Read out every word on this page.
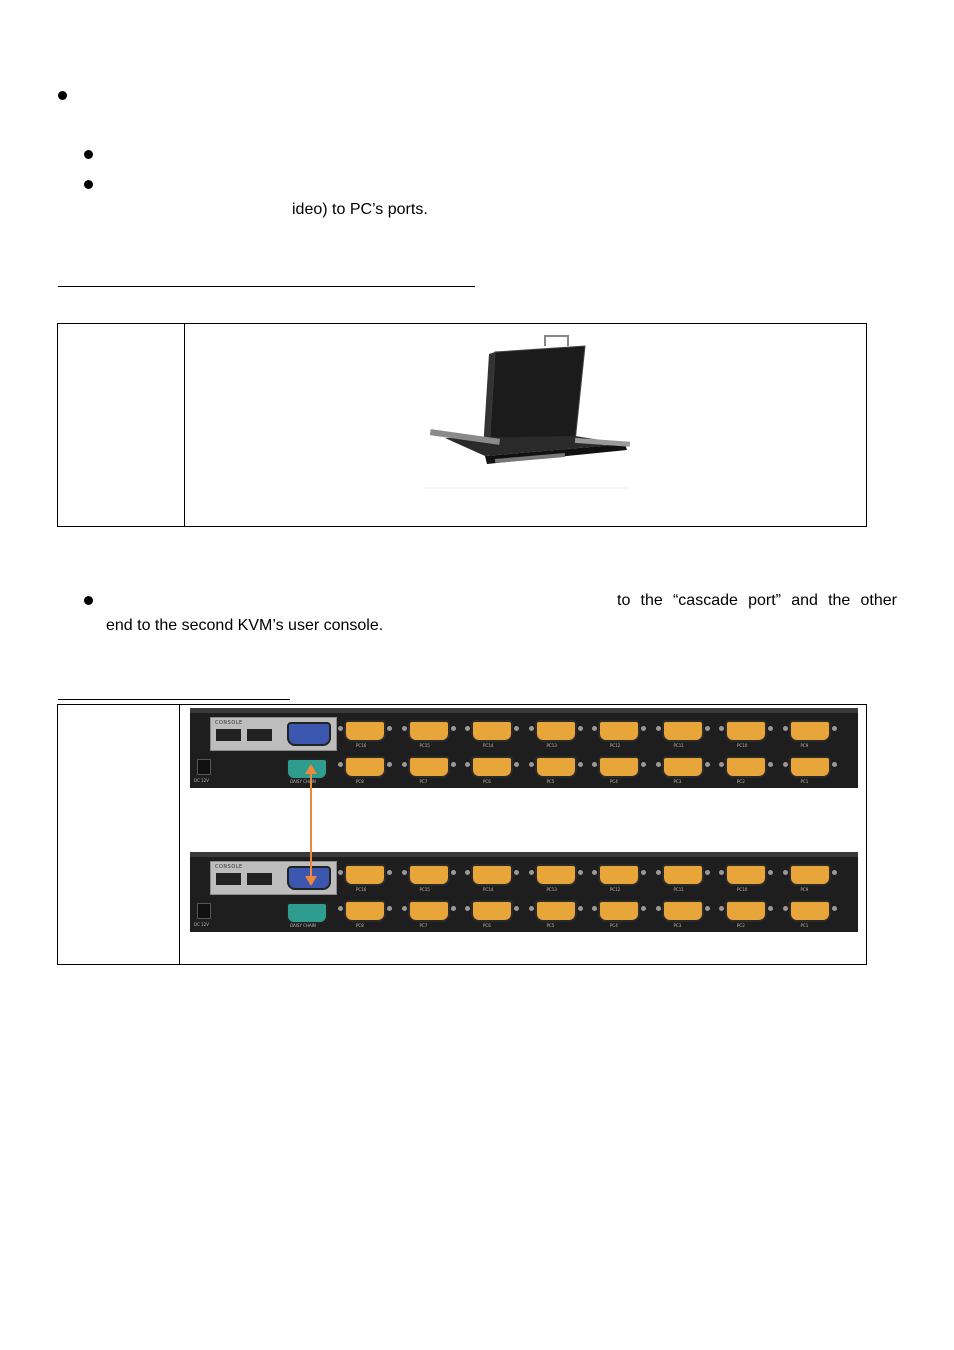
ideo) to PC’s ports.

to the “cascade port” and the other
end to the second KVM’s user console.

CONSOLE
DC 12V	DAISY CHAIN
PC16	PC15	PC14	PC13	PC12	PC11	PC10	PC9
PC8	PC7	PC6	PC5	PC4	PC3	PC2	PC1
CONSOLE
DC 12V	DAISY CHAIN
PC16	PC15	PC14	PC13	PC12	PC11	PC10	PC9
PC8	PC7	PC6	PC5	PC4	PC3	PC2	PC1
